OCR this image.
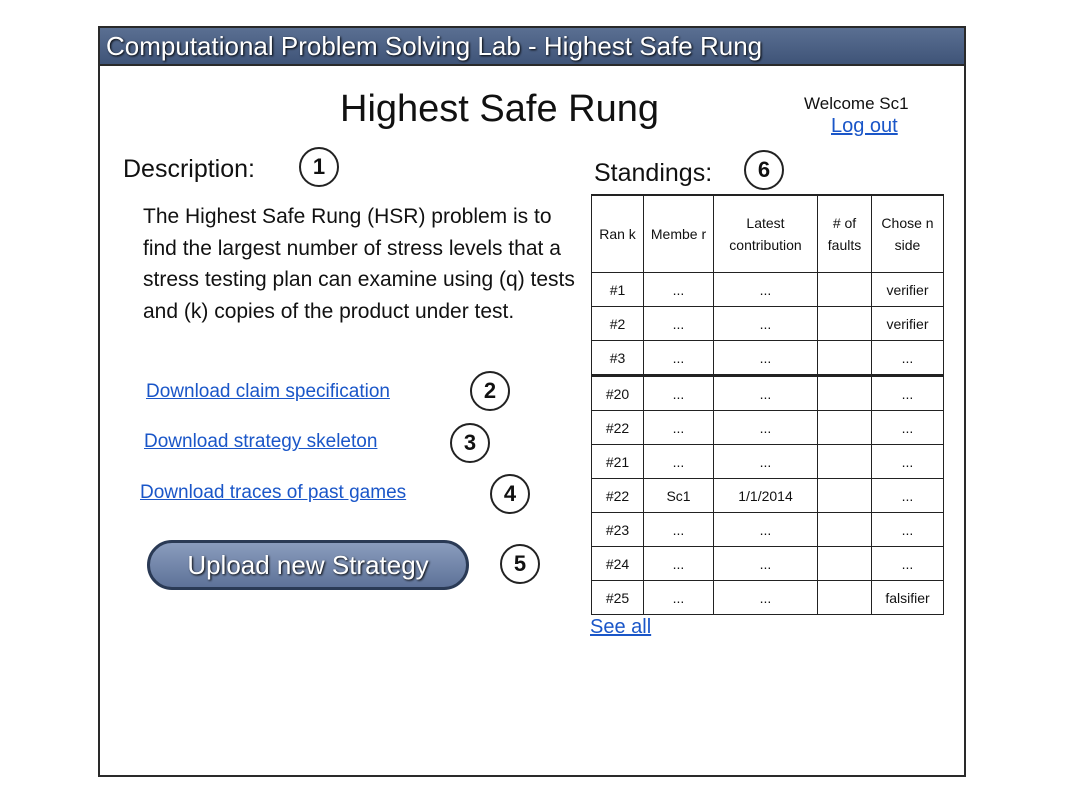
Computational Problem Solving Lab - Highest Safe Rung
Highest Safe Rung	Welcome Sc1
Log out
Description:	1
The Highest Safe Rung (HSR) problem is to find the largest number of stress levels that a stress testing plan can examine using (q) tests and (k) copies of the product under test.
Download claim specification	2
Download strategy skeleton	3
Download traces of past games	4
Upload new Strategy	5
Standings:	6
Ran k	Membe r	Latest contribution	# of faults	Chose n side
#1	...	...		verifier
#2	...	...		verifier
#3	...	...		...
#20	...	...		...
#22	...	...		...
#21	...	...		...
#22	Sc1	1/1/2014		...
#23	...	...		...
#24	...	...		...
#25	...	...		falsifier
See all
